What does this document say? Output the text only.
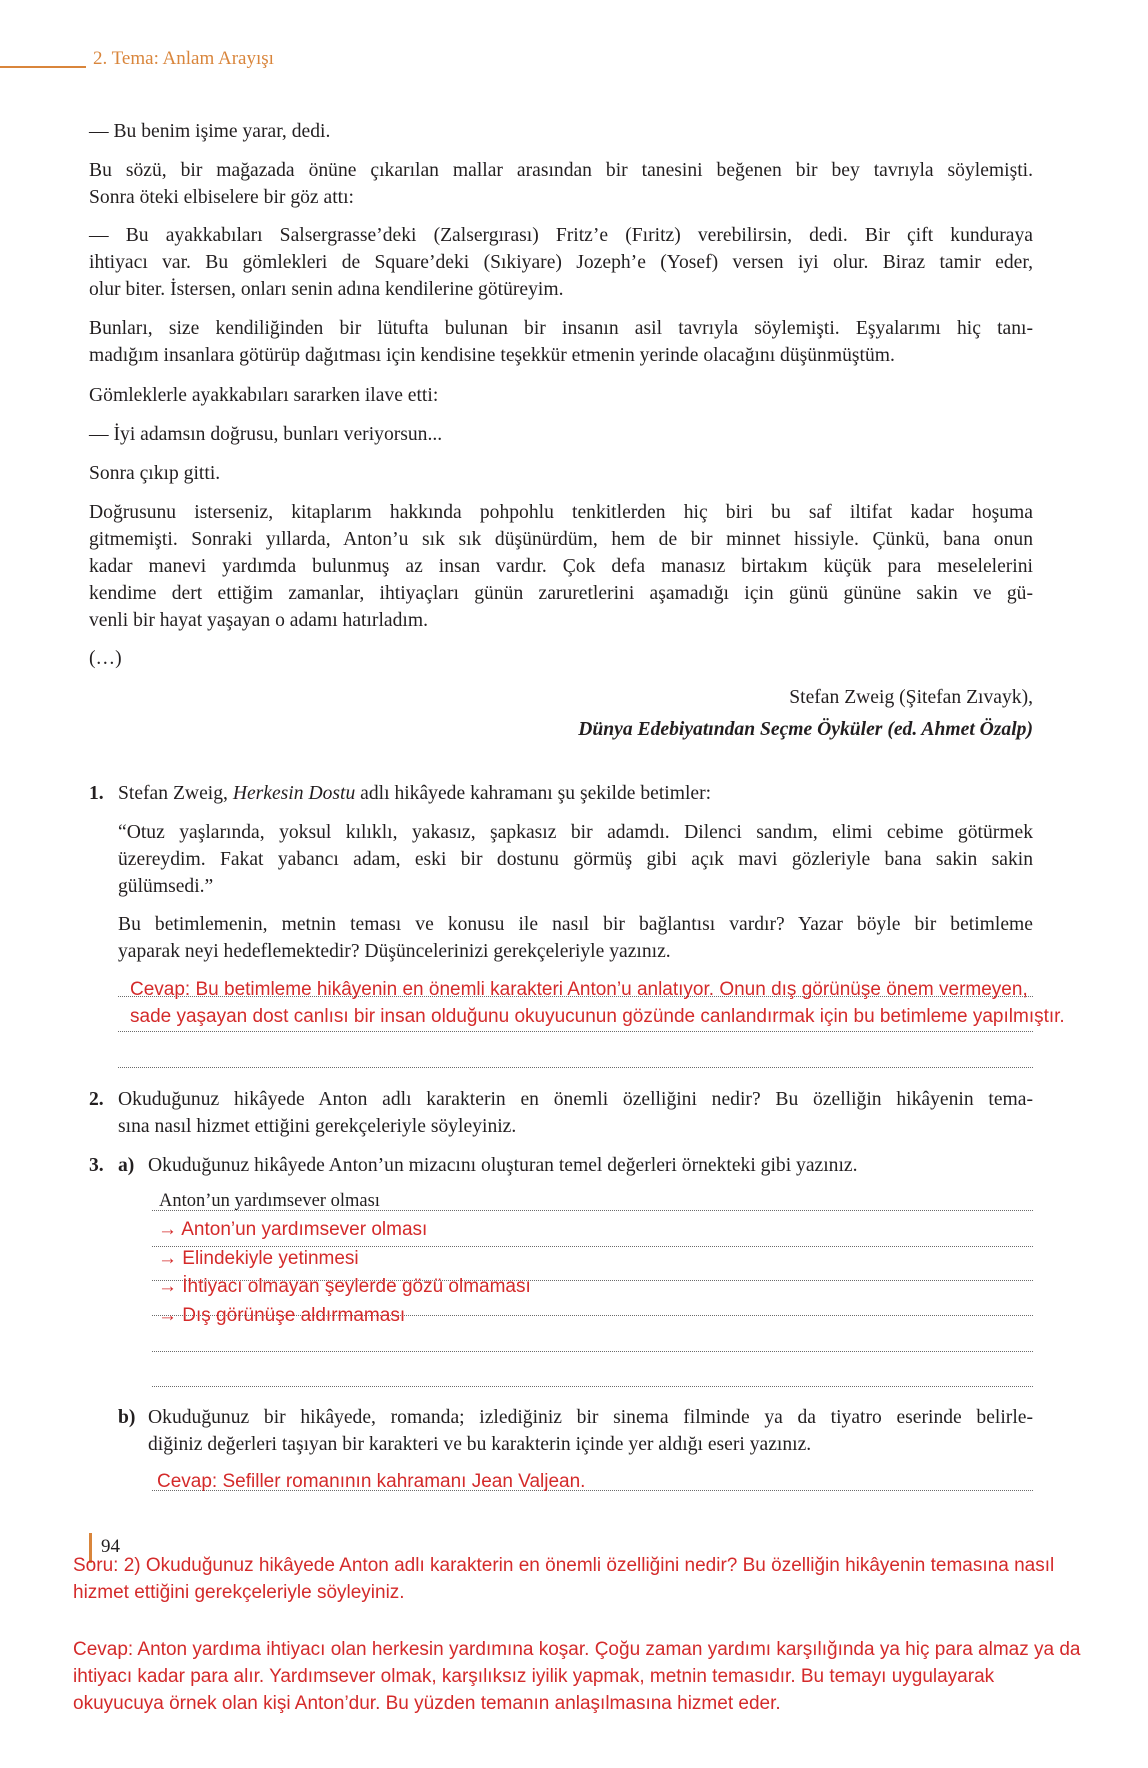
2. Tema: Anlam Arayışı
— Bu benim işime yarar, dedi.
Bu sözü, bir mağazada önüne çıkarılan mallar arasından bir tanesini beğenen bir bey tavrıyla söylemişti.
Sonra öteki elbiselere bir göz attı:
— Bu ayakkabıları Salsergrasse’deki (Zalsergırası) Fritz’e (Fıritz) verebilirsin, dedi. Bir çift kunduraya
ihtiyacı var. Bu gömlekleri de Square’deki (Sıkiyare) Jozeph’e (Yosef) versen iyi olur. Biraz tamir eder,
olur biter. İstersen, onları senin adına kendilerine götüreyim.
Bunları, size kendiliğinden bir lütufta bulunan bir insanın asil tavrıyla söylemişti. Eşyalarımı hiç tanı-
madığım insanlara götürüp dağıtması için kendisine teşekkür etmenin yerinde olacağını düşünmüştüm.
Gömleklerle ayakkabıları sararken ilave etti:
— İyi adamsın doğrusu, bunları veriyorsun...
Sonra çıkıp gitti.
Doğrusunu isterseniz, kitaplarım hakkında pohpohlu tenkitlerden hiç biri bu saf iltifat kadar hoşuma
gitmemişti. Sonraki yıllarda, Anton’u sık sık düşünürdüm, hem de bir minnet hissiyle. Çünkü, bana onun
kadar manevi yardımda bulunmuş az insan vardır. Çok defa manasız birtakım küçük para meselelerini
kendime dert ettiğim zamanlar, ihtiyaçları günün zaruretlerini aşamadığı için günü gününe sakin ve gü-
venli bir hayat yaşayan o adamı hatırladım.
(…)
Stefan Zweig (Şitefan Zıvayk),
Dünya Edebiyatından Seçme Öyküler (ed. Ahmet Özalp)
1. Stefan Zweig, Herkesin Dostu adlı hikâyede kahramanı şu şekilde betimler:
“Otuz yaşlarında, yoksul kılıklı, yakasız, şapkasız bir adamdı. Dilenci sandım, elimi cebime götürmek
üzereydim. Fakat yabancı adam, eski bir dostunu görmüş gibi açık mavi gözleriyle bana sakin sakin
gülümsedi.”
Bu betimlemenin, metnin teması ve konusu ile nasıl bir bağlantısı vardır? Yazar böyle bir betimleme
yaparak neyi hedeflemektedir? Düşüncelerinizi gerekçeleriyle yazınız.
Cevap: Bu betimleme hikâyenin en önemli karakteri Anton’u anlatıyor. Onun dış görünüşe önem vermeyen,
sade yaşayan dost canlısı bir insan olduğunu okuyucunun gözünde canlandırmak için bu betimleme yapılmıştır.
2. Okuduğunuz hikâyede Anton adlı karakterin en önemli özelliğini nedir? Bu özelliğin hikâyenin tema-
sına nasıl hizmet ettiğini gerekçeleriyle söyleyiniz.
3. a) Okuduğunuz hikâyede Anton’un mizacını oluşturan temel değerleri örnekteki gibi yazınız.
Anton’un yardımsever olması
→ Anton’un yardımsever olması
→ Elindekiyle yetinmesi
→ İhtiyacı olmayan şeylerde gözü olmaması
→ Dış görünüşe aldırmaması
b) Okuduğunuz bir hikâyede, romanda; izlediğiniz bir sinema filminde ya da tiyatro eserinde belirle-
diğiniz değerleri taşıyan bir karakteri ve bu karakterin içinde yer aldığı eseri yazınız.
Cevap: Sefiller romanının kahramanı Jean Valjean.
94
Soru: 2) Okuduğunuz hikâyede Anton adlı karakterin en önemli özelliğini nedir? Bu özelliğin hikâyenin temasına nasıl
hizmet ettiğini gerekçeleriyle söyleyiniz.
Cevap: Anton yardıma ihtiyacı olan herkesin yardımına koşar. Çoğu zaman yardımı karşılığında ya hiç para almaz ya da
ihtiyacı kadar para alır. Yardımsever olmak, karşılıksız iyilik yapmak, metnin temasıdır. Bu temayı uygulayarak
okuyucuya örnek olan kişi Anton’dur. Bu yüzden temanın anlaşılmasına hizmet eder.
